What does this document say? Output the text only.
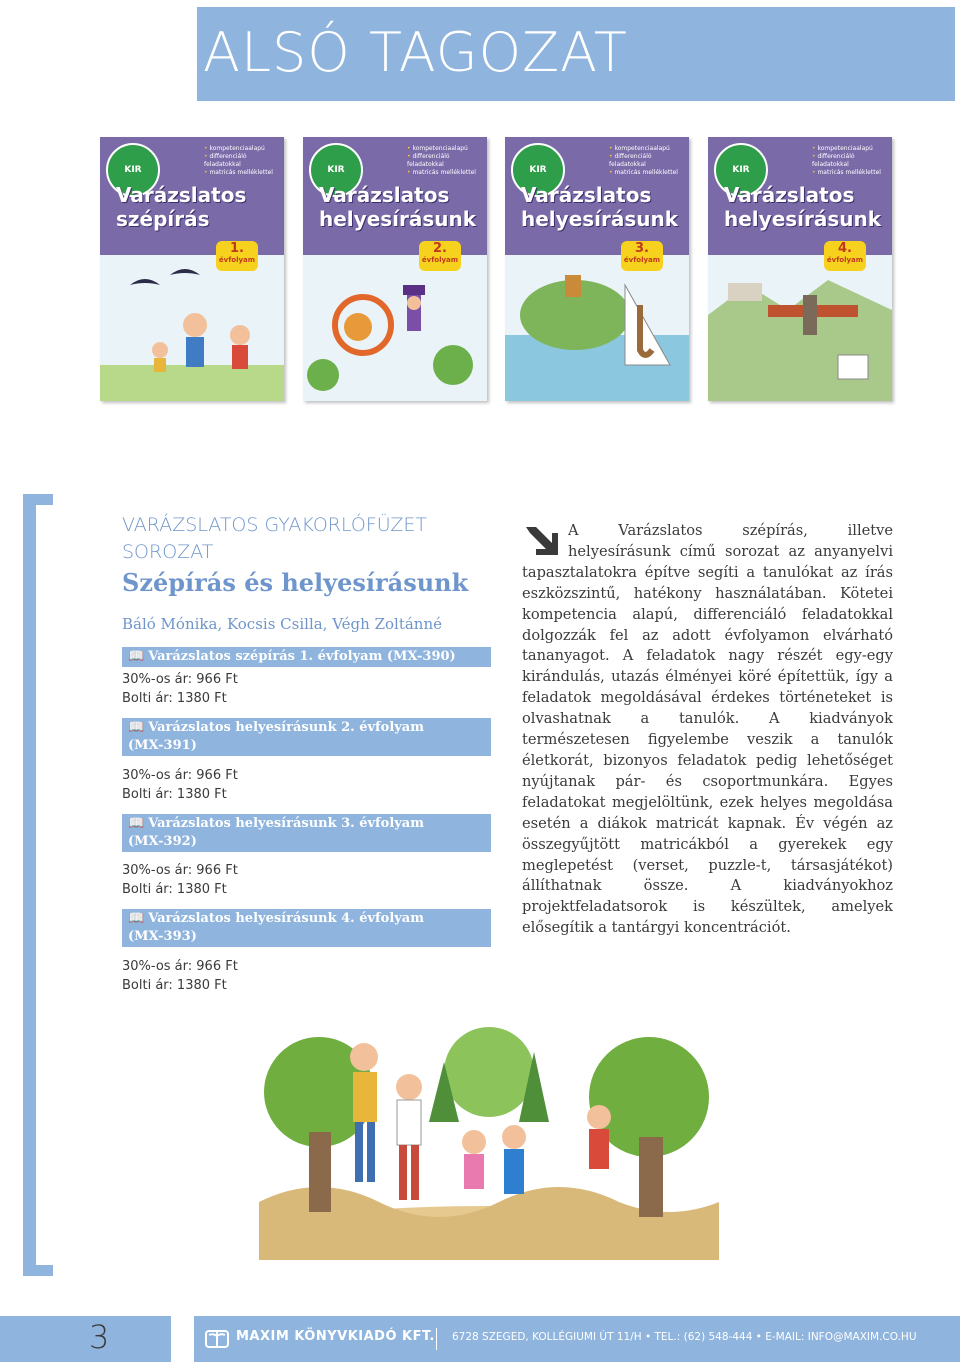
ALSÓ TAGOZAT
KIR
• kompetenciaalapú
• differenciáló feladatokkal
• matricás melléklettel
Varázslatos
szépírás
1.
évfolyam
KIR
• kompetenciaalapú
• differenciáló feladatokkal
• matricás melléklettel
Varázslatos
helyesírásunk
2.
évfolyam
KIR
• kompetenciaalapú
• differenciáló feladatokkal
• matricás melléklettel
Varázslatos
helyesírásunk
3.
évfolyam
KIR
• kompetenciaalapú
• differenciáló feladatokkal
• matricás melléklettel
Varázslatos
helyesírásunk
4.
évfolyam
VARÁZSLATOS GYAKORLÓFÜZET SOROZAT
Szépírás és helyesírásunk
Báló Mónika, Kocsis Csilla, Végh Zoltánné
📖 Varázslatos szépírás 1. évfolyam (MX-390)
30%-os ár: 966 Ft
Bolti ár: 1380 Ft
📖 Varázslatos helyesírásunk 2. évfolyam (MX-391)
30%-os ár: 966 Ft
Bolti ár: 1380 Ft
📖 Varázslatos helyesírásunk 3. évfolyam (MX-392)
30%-os ár: 966 Ft
Bolti ár: 1380 Ft
📖 Varázslatos helyesírásunk 4. évfolyam (MX-393)
30%-os ár: 966 Ft
Bolti ár: 1380 Ft
A Varázslatos szépírás, illetve helyesírásunk című sorozat az anyanyelvi tapasztalatokra építve segíti a tanulókat az írás eszközszintű, hatékony használatában. Kötetei kompetencia alapú, differenciáló feladatokkal dolgozzák fel az adott évfolyamon elvárható tananyagot. A feladatok nagy részét egy-egy kirándulás, utazás élményei köré építettük, így a feladatok megoldásával érdekes történeteket is olvashatnak a tanulók. A kiadványok természetesen figyelembe veszik a tanulók életkorát, bizonyos feladatok pedig lehetőséget nyújtanak pár- és csoportmunkára. Egyes feladatokat megjelöltünk, ezek helyes megoldása esetén a diákok matricát kapnak. Év végén az összegyűjtött matricákból a gyerekek egy meglepetést (verset, puzzle-t, társasjátékot) állíthatnak össze. A kiadványokhoz projektfeladatsorok is készültek, amelyek elősegítik a tantárgyi koncentrációt.
3	MAXIM KÖNYVKIADÓ KFT. 6728 SZEGED, KOLLÉGIUMI ÚT 11/H • TEL.: (62) 548-444 • E-MAIL: INFO@MAXIM.CO.HU
